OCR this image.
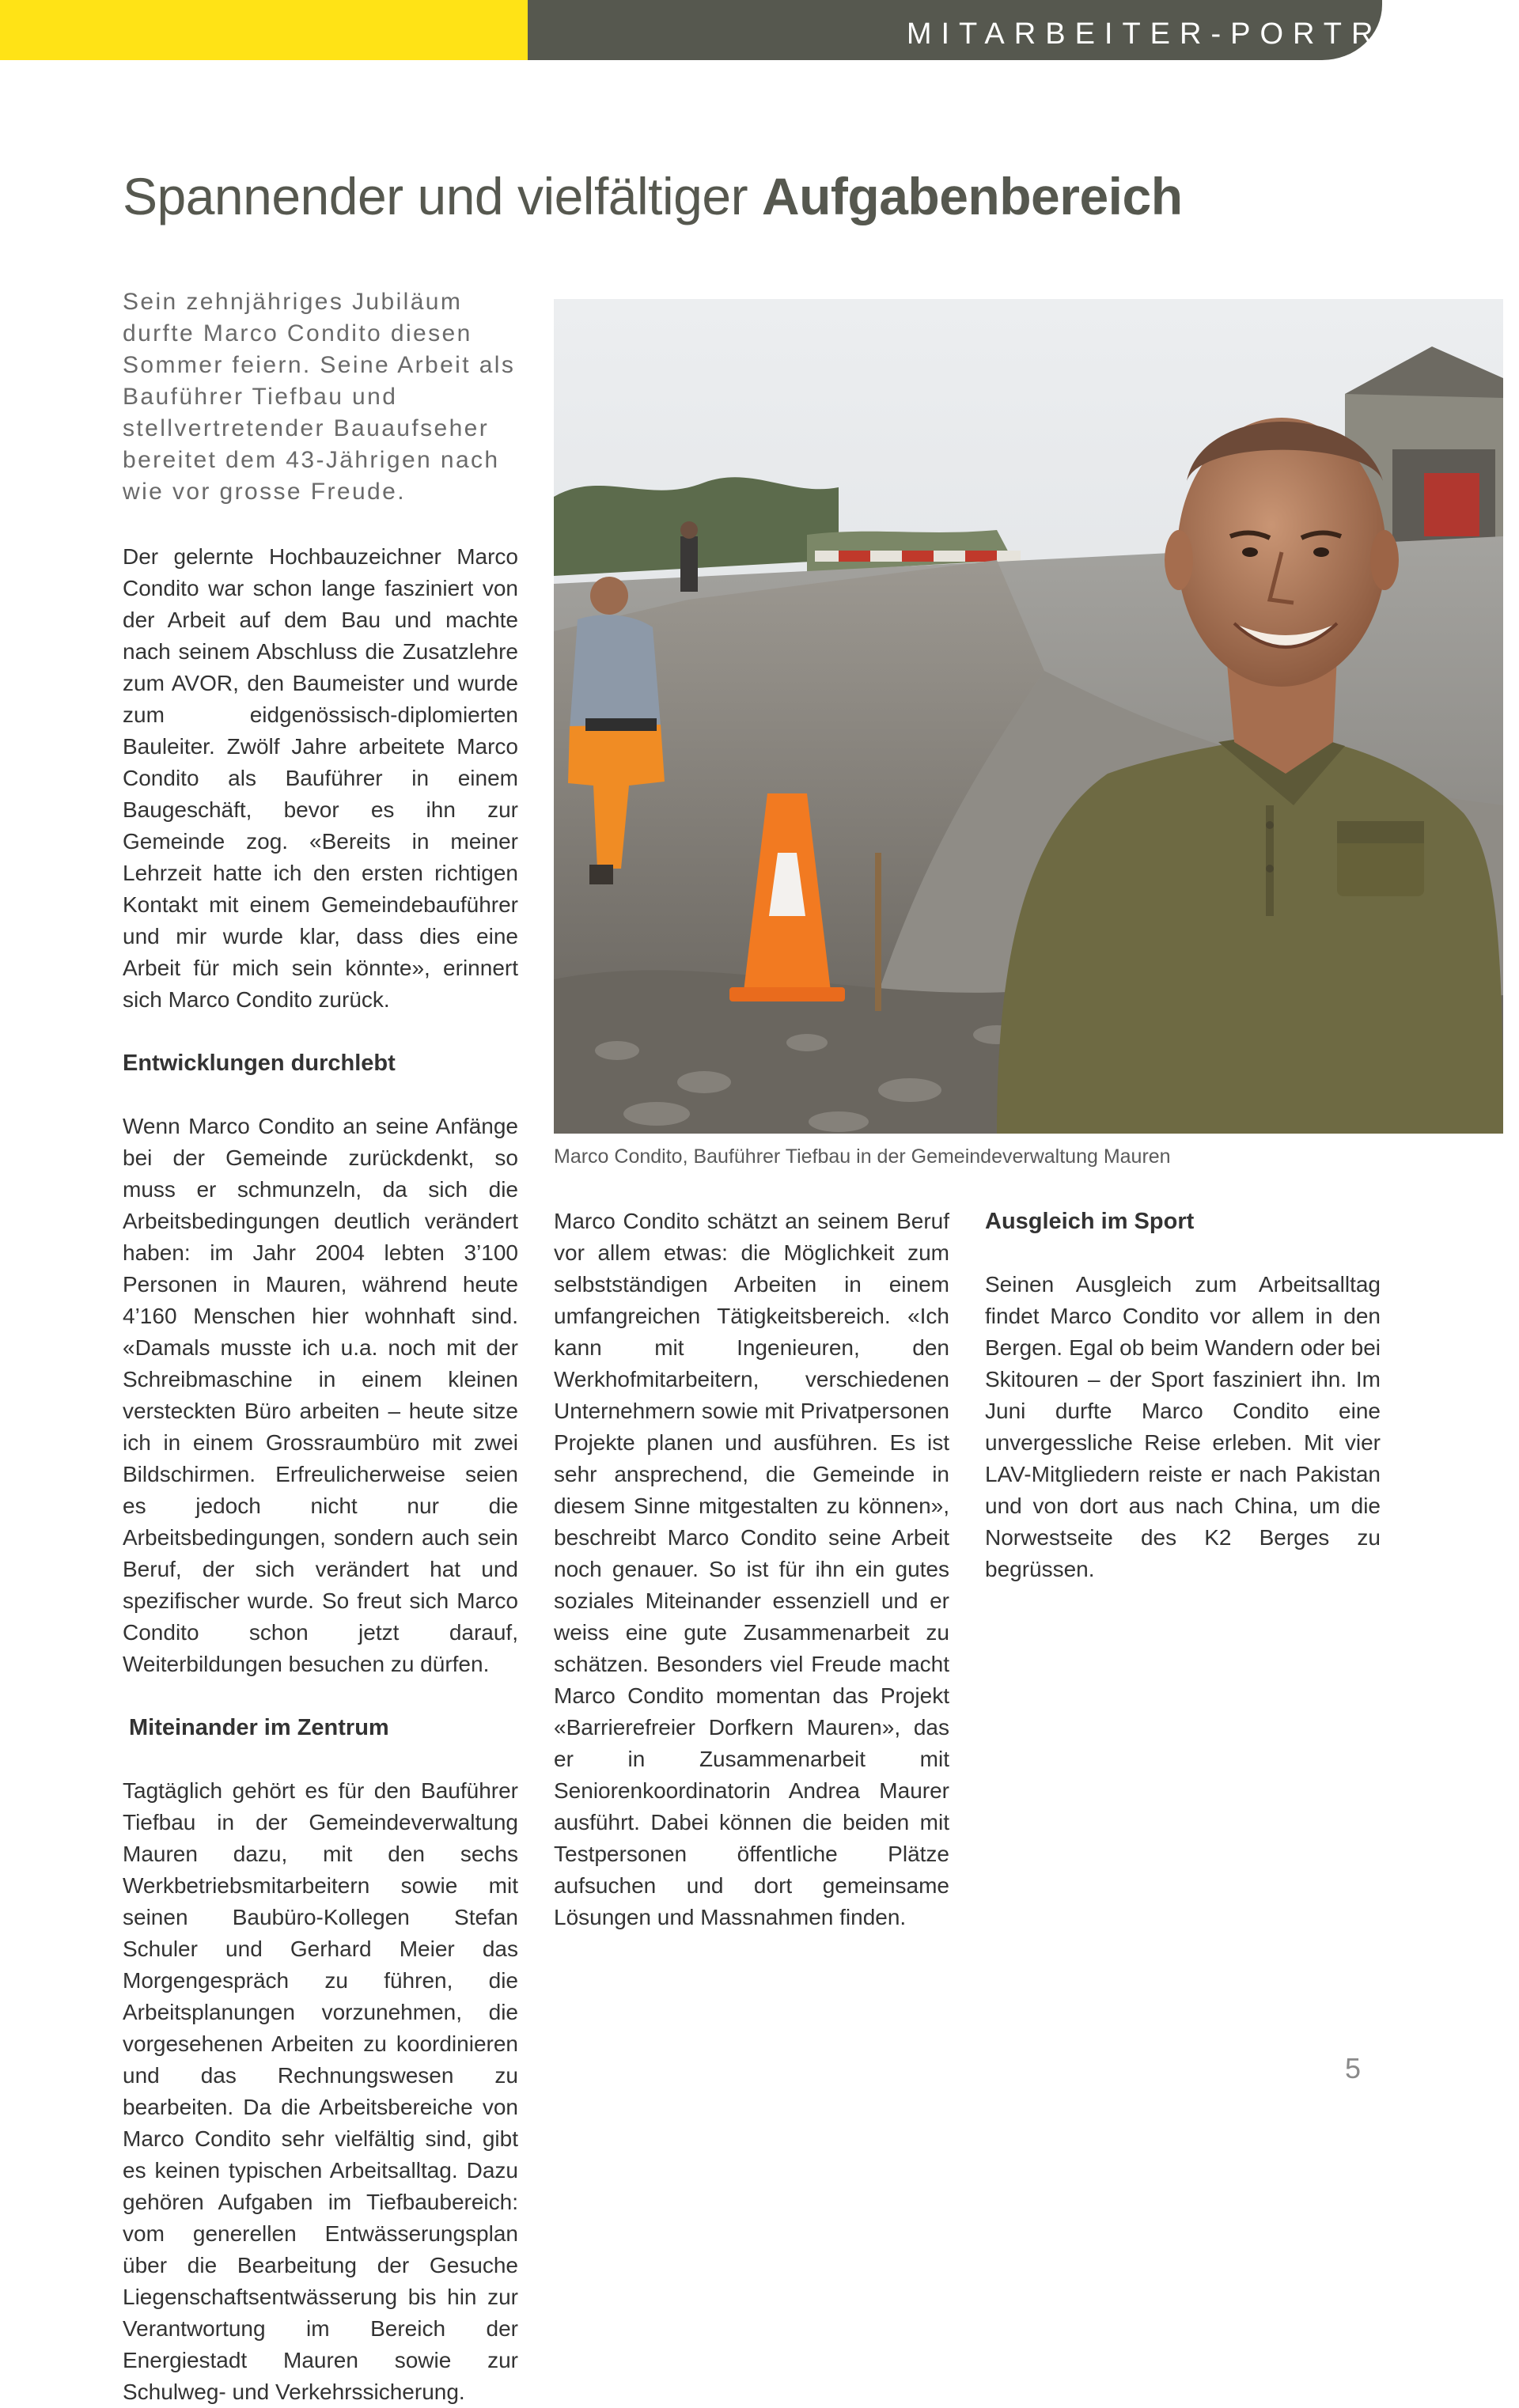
MITARBEITER-PORTRÄT

Spannender und vielfältiger Aufgabenbereich

Sein zehnjähriges Jubiläum durfte Marco Condito diesen Sommer feiern. Seine Arbeit als Bauführer Tiefbau und stellvertretender Bauaufseher bereitet dem 43-Jährigen nach wie vor grosse Freude.

Der gelernte Hochbauzeichner Marco Condito war schon lange fasziniert von der Arbeit auf dem Bau und machte nach seinem Abschluss die Zusatzlehre zum AVOR, den Baumeister und wurde zum eidgenössisch-diplomierten Bauleiter. Zwölf Jahre arbeitete Marco Condito als Bauführer in einem Baugeschäft, bevor es ihn zur Gemeinde zog. «Bereits in meiner Lehrzeit hatte ich den ersten richtigen Kontakt mit einem Gemeindebauführer und mir wurde klar, dass dies eine Arbeit für mich sein könnte», erinnert sich Marco Condito zurück.

Entwicklungen durchlebt

Wenn Marco Condito an seine Anfänge bei der Gemeinde zurückdenkt, so muss er schmunzeln, da sich die Arbeitsbedingungen deutlich verändert haben: im Jahr 2004 lebten 3’100 Personen in Mauren, während heute 4’160 Menschen hier wohnhaft sind. «Damals musste ich u.a. noch mit der Schreibmaschine in einem kleinen versteckten Büro arbeiten – heute sitze ich in einem Grossraumbüro mit zwei Bildschirmen. Erfreulicherweise seien es jedoch nicht nur die Arbeitsbedingungen, sondern auch sein Beruf, der sich verändert hat und spezifischer wurde. So freut sich Marco Condito schon jetzt darauf, Weiterbildungen besuchen zu dürfen.

Miteinander im Zentrum

Tagtäglich gehört es für den Bauführer Tiefbau in der Gemeindeverwaltung Mauren dazu, mit den sechs Werkbetriebsmitarbeitern sowie mit seinen Baubüro-Kollegen Stefan Schuler und Gerhard Meier das Morgengespräch zu führen, die Arbeitsplanungen vorzunehmen, die vorgesehenen Arbeiten zu koordinieren und das Rechnungswesen zu bearbeiten. Da die Arbeitsbereiche von Marco Condito sehr vielfältig sind, gibt es keinen typischen Arbeitsalltag. Dazu gehören Aufgaben im Tiefbaubereich: vom generellen Entwässerungsplan über die Bearbeitung der Gesuche Liegenschaftsentwässerung bis hin zur Verantwortung im Bereich der Energiestadt Mauren sowie zur Schulweg- und Verkehrssicherung.

Marco Condito schätzt an seinem Beruf vor allem etwas: die Möglichkeit zum selbstständigen Arbeiten in einem umfangreichen Tätigkeitsbereich. «Ich kann mit Ingenieuren, den Werkhofmitarbeitern, verschiedenen Unternehmern sowie mit Privatpersonen Projekte planen und ausführen. Es ist sehr ansprechend, die Gemeinde in diesem Sinne mitgestalten zu können», beschreibt Marco Condito seine Arbeit noch genauer. So ist für ihn ein gutes soziales Miteinander essenziell und er weiss eine gute Zusammenarbeit zu schätzen. Besonders viel Freude macht Marco Condito momentan das Projekt «Barrierefreier Dorfkern Mauren», das er in Zusammenarbeit mit Seniorenkoordinatorin Andrea Maurer ausführt. Dabei können die beiden mit Testpersonen öffentliche Plätze aufsuchen und dort gemeinsame Lösungen und Massnahmen finden.

Ausgleich im Sport

Seinen Ausgleich zum Arbeitsalltag findet Marco Condito vor allem in den Bergen. Egal ob beim Wandern oder bei Skitouren – der Sport fasziniert ihn. Im Juni durfte Marco Condito eine unvergessliche Reise erleben. Mit vier LAV-Mitgliedern reiste er nach Pakistan und von dort aus nach China, um die Norwestseite des K2 Berges zu begrüssen.

Marco Condito, Bauführer Tiefbau in der Gemeindeverwaltung Mauren

5
